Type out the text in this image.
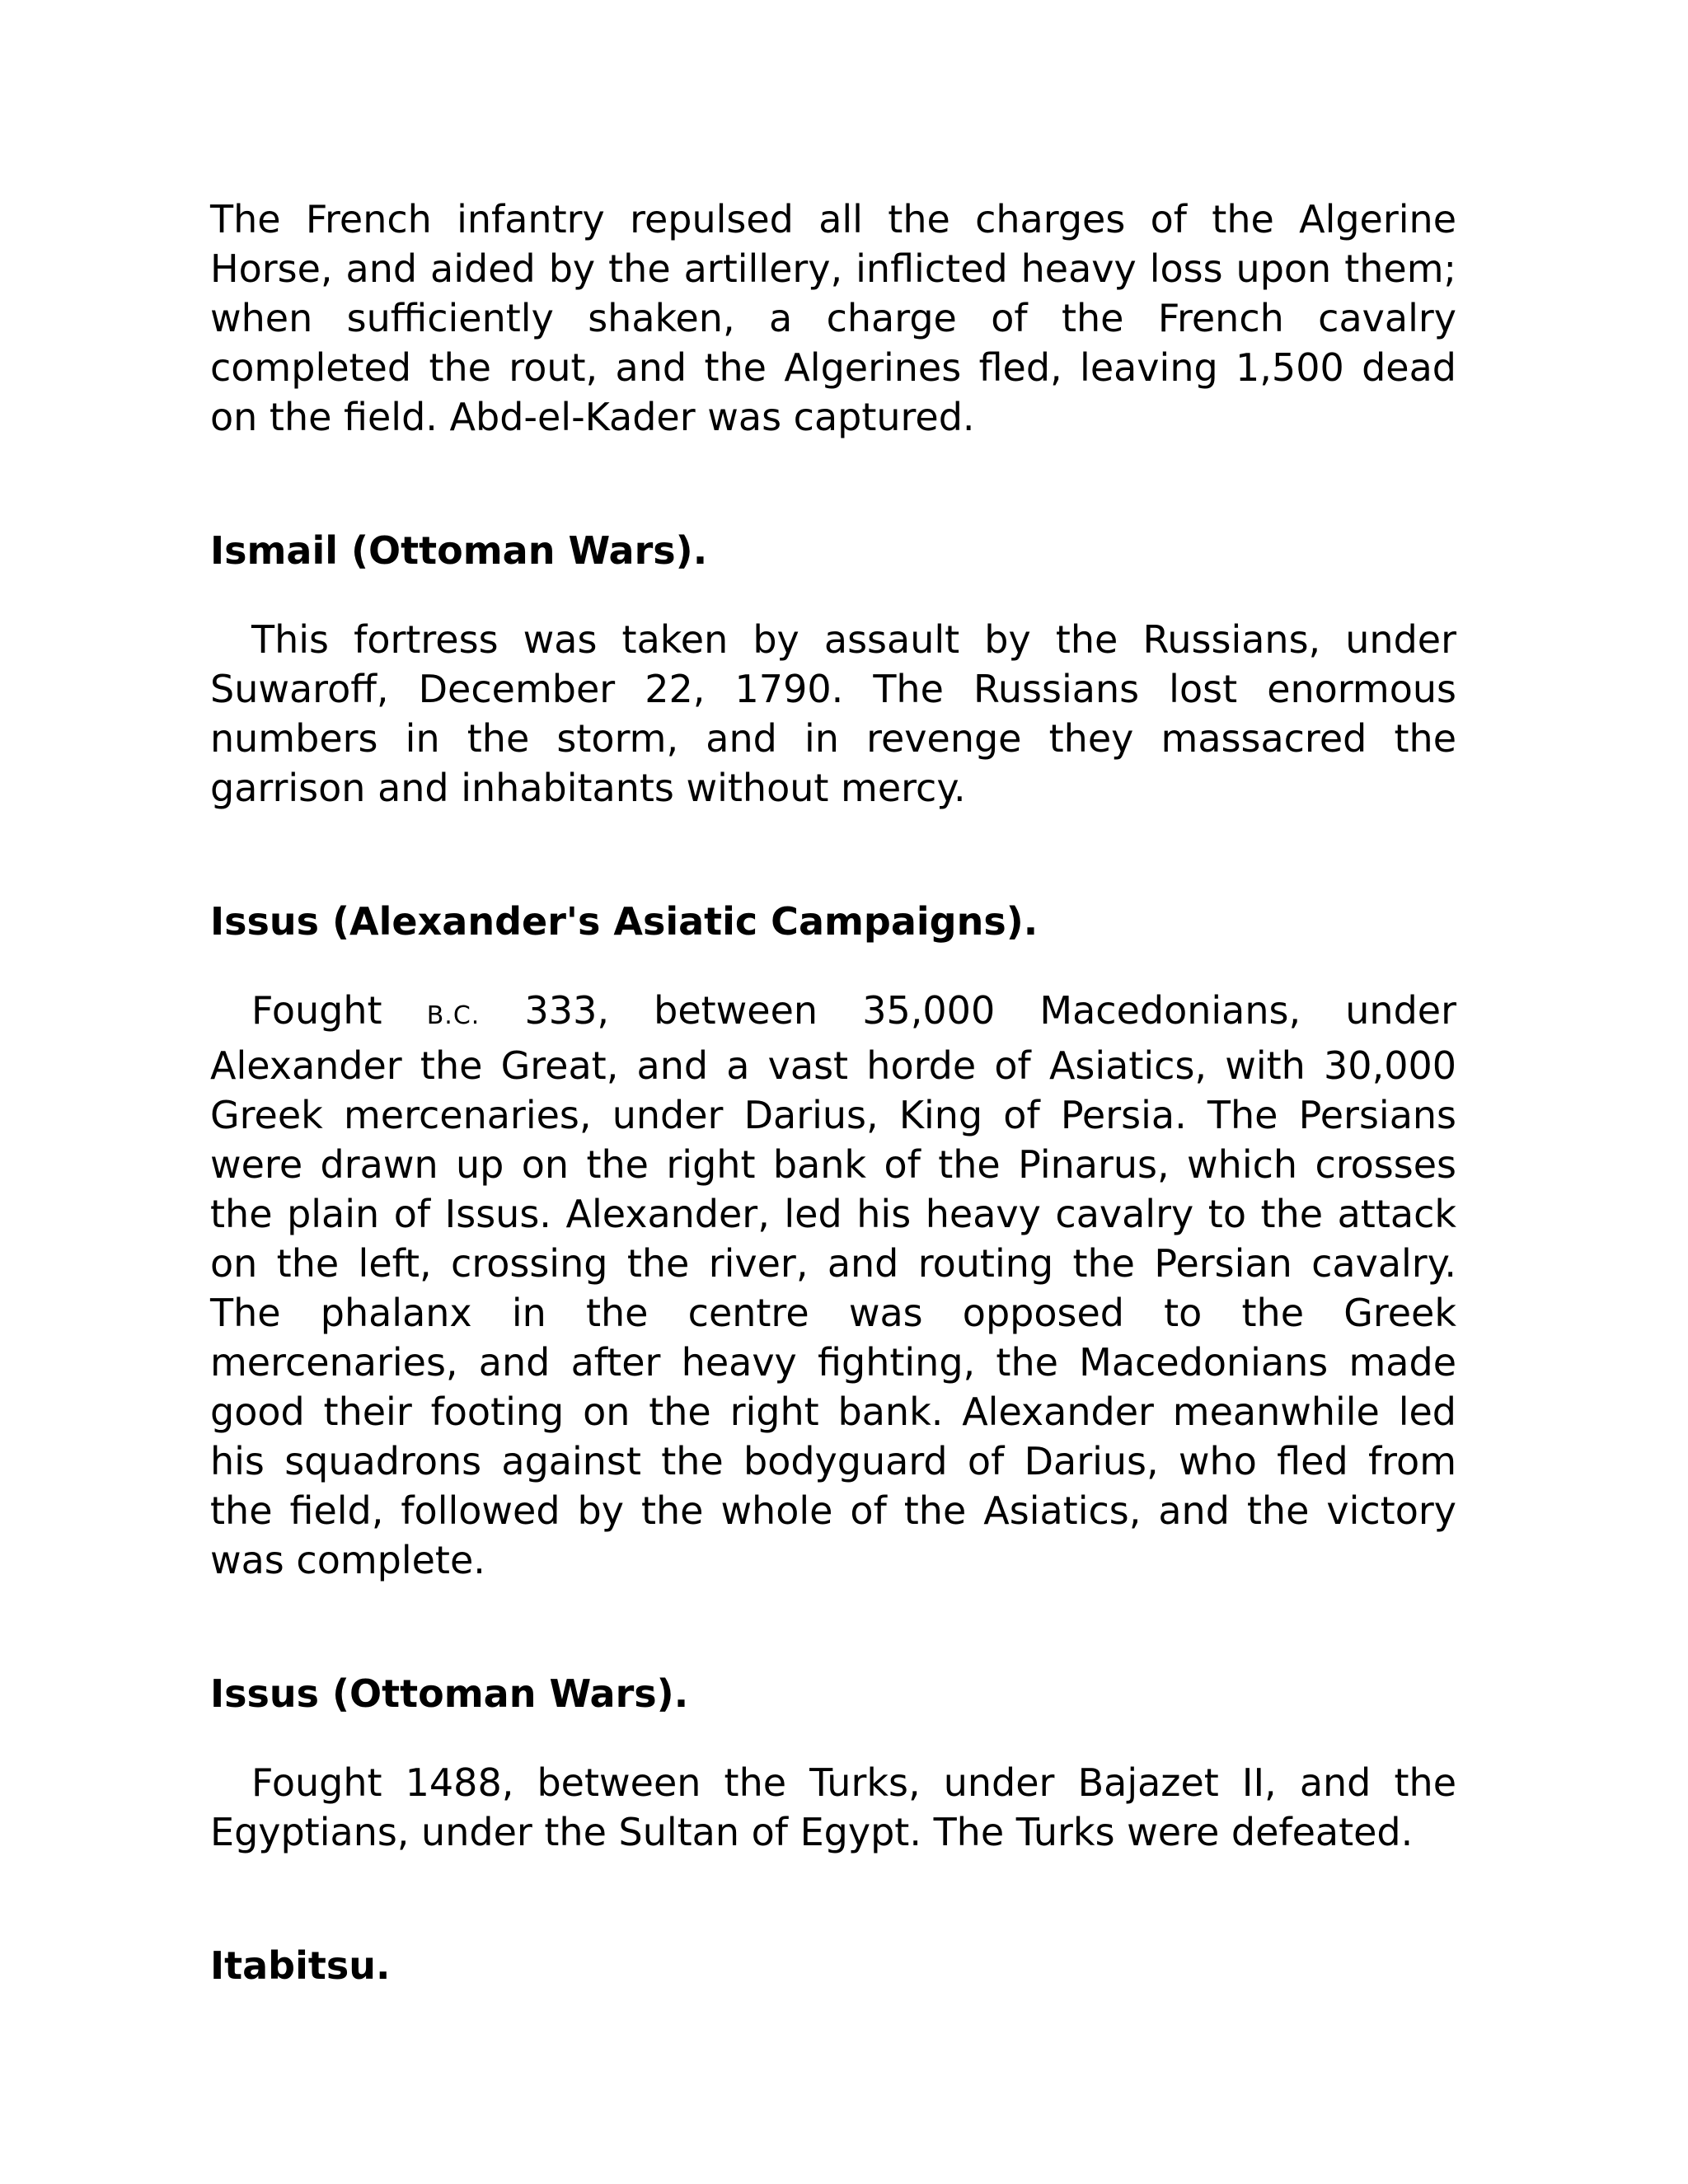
The French infantry repulsed all the charges of the Algerine Horse, and aided by the artillery, inflicted heavy loss upon them; when sufficiently shaken, a charge of the French cavalry completed the rout, and the Algerines fled, leaving 1,500 dead on the field. Abd-el-Kader was captured.

Ismail (Ottoman Wars).

This fortress was taken by assault by the Russians, under Suwaroff, December 22, 1790. The Russians lost enormous numbers in the storm, and in revenge they massacred the garrison and inhabitants without mercy.

Issus (Alexander's Asiatic Campaigns).

Fought B.C. 333, between 35,000 Macedonians, under Alexander the Great, and a vast horde of Asiatics, with 30,000 Greek mercenaries, under Darius, King of Persia. The Persians were drawn up on the right bank of the Pinarus, which crosses the plain of Issus. Alexander, led his heavy cavalry to the attack on the left, crossing the river, and routing the Persian cavalry. The phalanx in the centre was opposed to the Greek mercenaries, and after heavy fighting, the Macedonians made good their footing on the right bank. Alexander meanwhile led his squadrons against the bodyguard of Darius, who fled from the field, followed by the whole of the Asiatics, and the victory was complete.

Issus (Ottoman Wars).

Fought 1488, between the Turks, under Bajazet II, and the Egyptians, under the Sultan of Egypt. The Turks were defeated.

Itabitsu.
